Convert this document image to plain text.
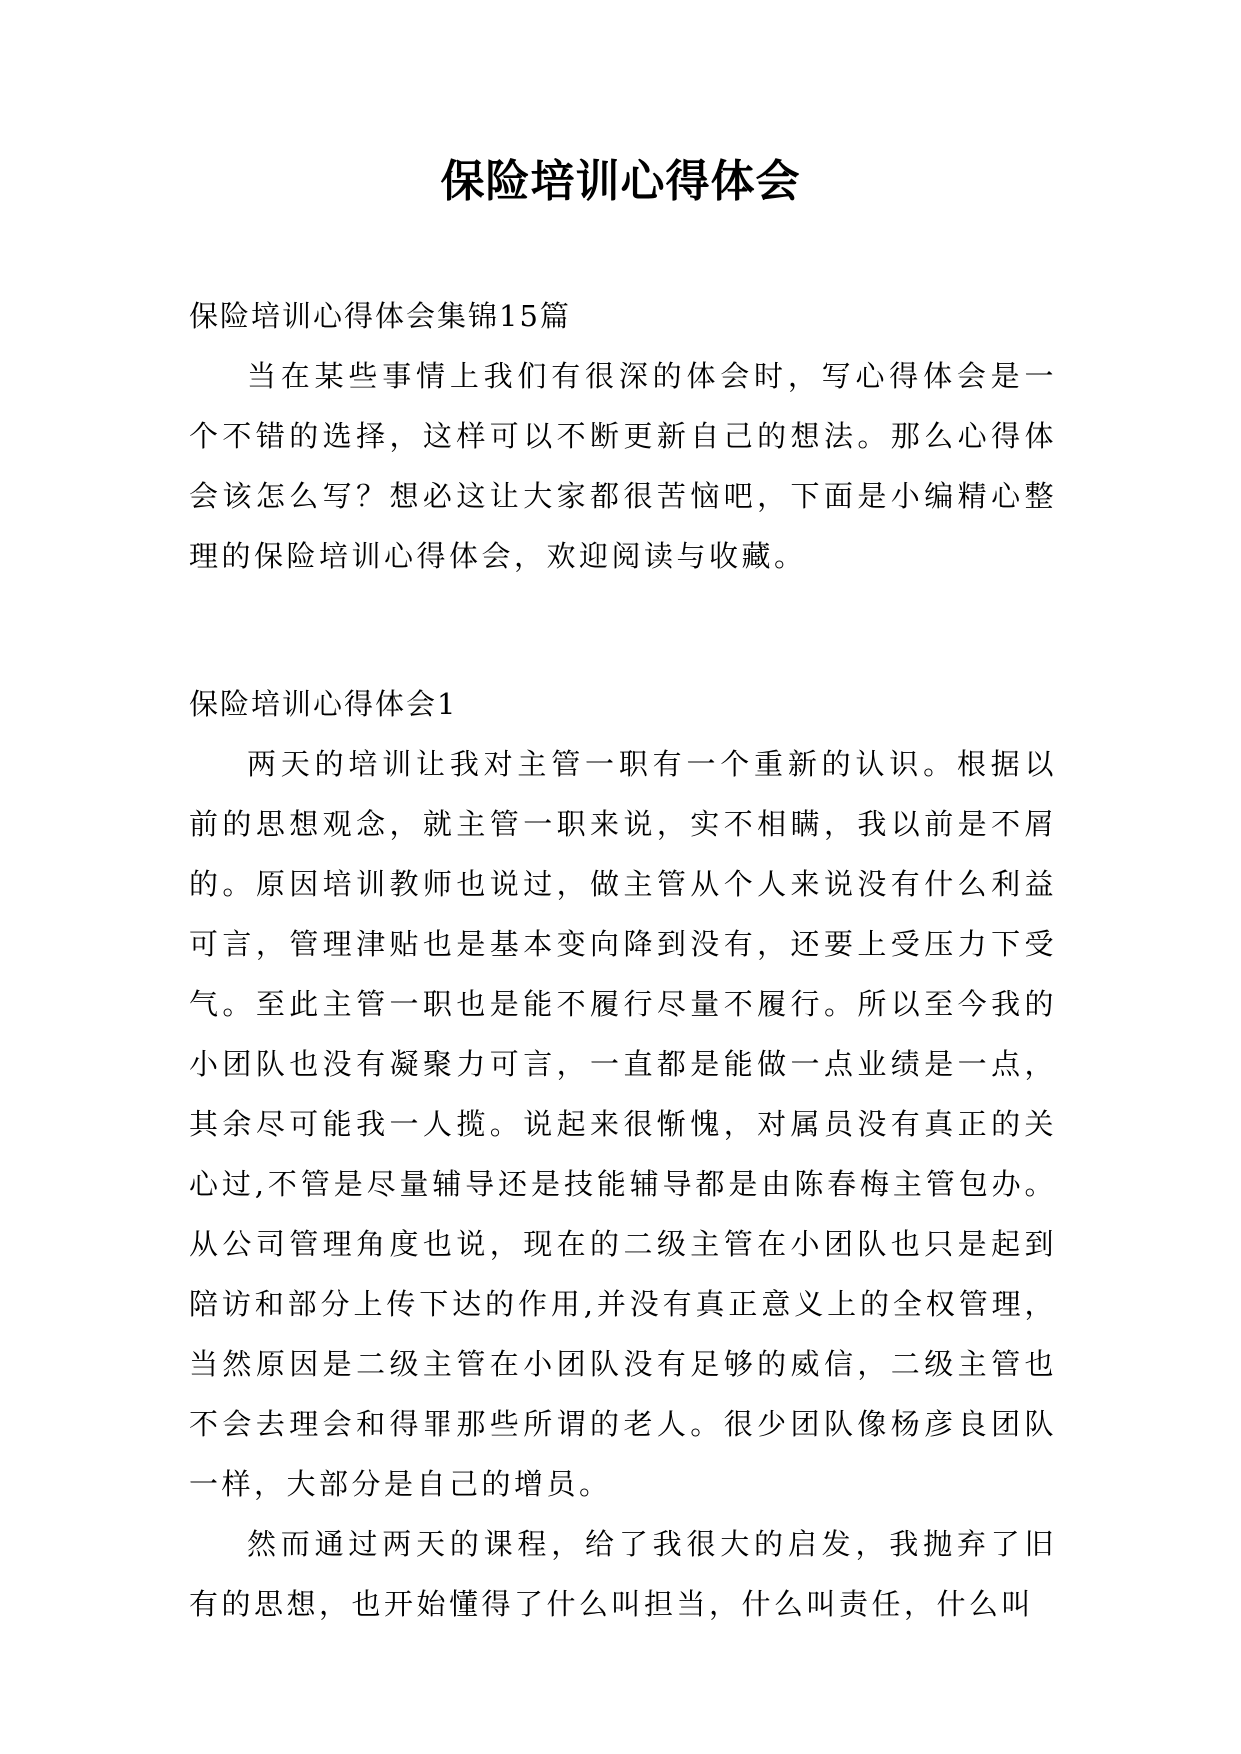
保险培训心得体会

保险培训心得体会集锦15篇

当在某些事情上我们有很深的体会时，写心得体会是一个不错的选择，这样可以不断更新自己的想法。那么心得体会该怎么写？想必这让大家都很苦恼吧，下面是小编精心整理的保险培训心得体会，欢迎阅读与收藏。

保险培训心得体会1

两天的培训让我对主管一职有一个重新的认识。根据以前的思想观念，就主管一职来说，实不相瞒，我以前是不屑的。原因培训教师也说过，做主管从个人来说没有什么利益可言，管理津贴也是基本变向降到没有，还要上受压力下受气。至此主管一职也是能不履行尽量不履行。所以至今我的小团队也没有凝聚力可言，一直都是能做一点业绩是一点，其余尽可能我一人揽。说起来很惭愧，对属员没有真正的关心过,不管是尽量辅导还是技能辅导都是由陈春梅主管包办。从公司管理角度也说，现在的二级主管在小团队也只是起到陪访和部分上传下达的作用,并没有真正意义上的全权管理，当然原因是二级主管在小团队没有足够的威信，二级主管也不会去理会和得罪那些所谓的老人。很少团队像杨彦良团队一样，大部分是自己的增员。

然而通过两天的课程，给了我很大的启发，我抛弃了旧有的思想，也开始懂得了什么叫担当，什么叫责任，什么叫
